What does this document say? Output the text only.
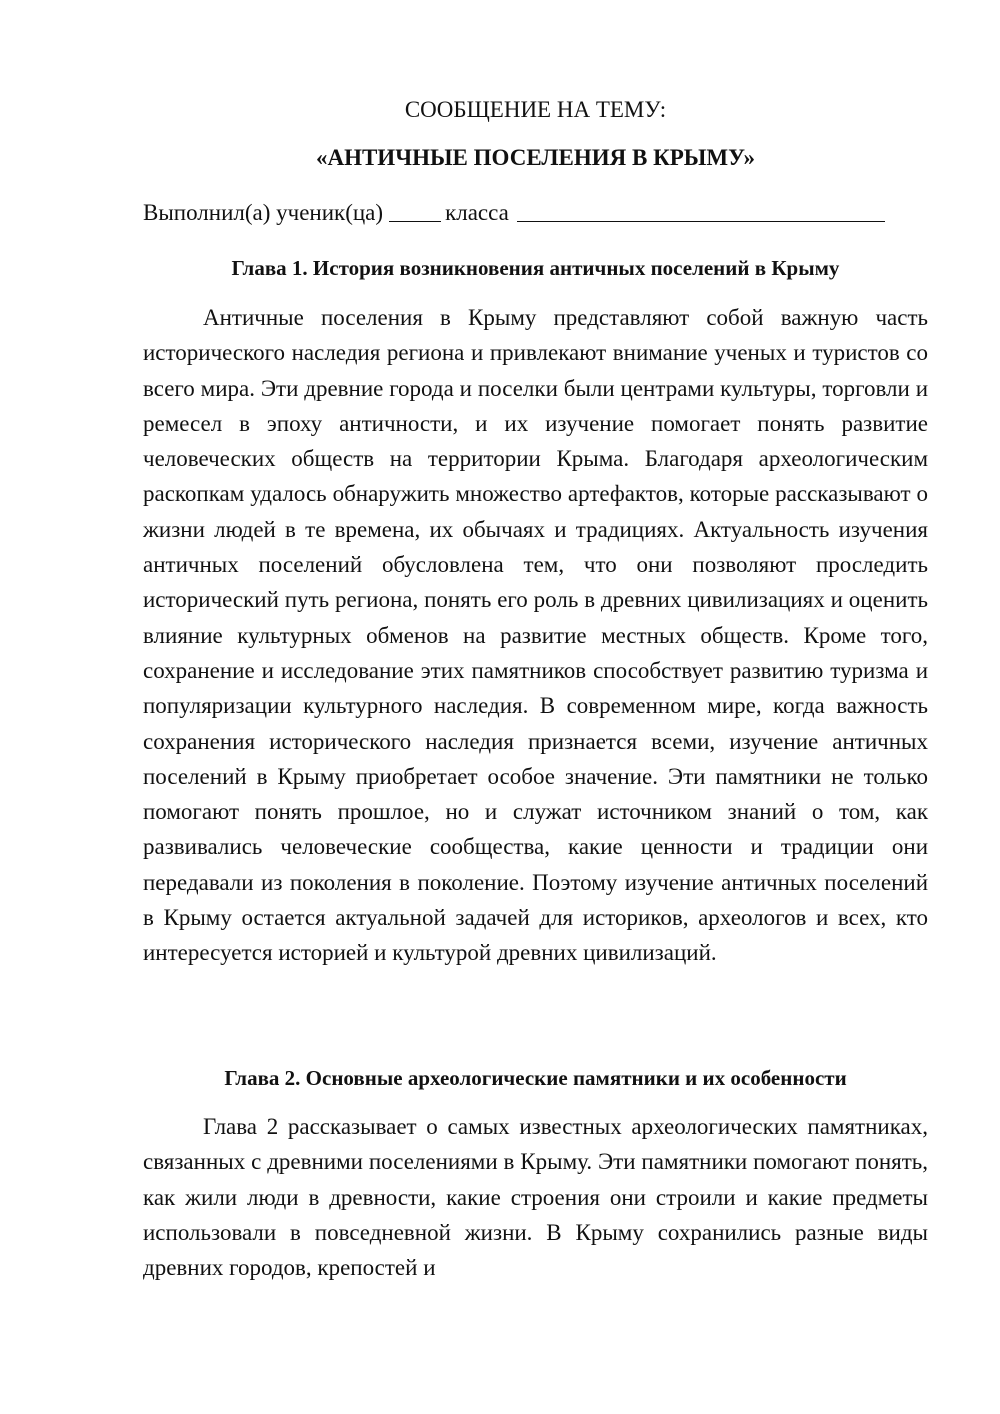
СООБЩЕНИЕ НА ТЕМУ:

«АНТИЧНЫЕ ПОСЕЛЕНИЯ В КРЫМУ»

Выполнил(а) ученик(ца)	класса
Глава 1. История возникновения античных поселений в Крыму

Античные поселения в Крыму представляют собой важную часть исторического наследия региона и привлекают внимание ученых и туристов со всего мира. Эти древние города и поселки были центрами культуры, торговли и ремесел в эпоху античности, и их изучение помогает понять развитие человеческих обществ на территории Крыма. Благодаря археологическим раскопкам удалось обнаружить множество артефактов, которые рассказывают о жизни людей в те времена, их обычаях и традициях. Актуальность изучения античных поселений обусловлена тем, что они позволяют проследить исторический путь региона, понять его роль в древних цивилизациях и оценить влияние культурных обменов на развитие местных обществ. Кроме того, сохранение и исследование этих памятников способствует развитию туризма и популяризации культурного наследия. В современном мире, когда важность сохранения исторического наследия признается всеми, изучение античных поселений в Крыму приобретает особое значение. Эти памятники не только помогают понять прошлое, но и служат источником знаний о том, как развивались человеческие сообщества, какие ценности и традиции они передавали из поколения в поколение. Поэтому изучение античных поселений в Крыму остается актуальной задачей для историков, археологов и всех, кто интересуется историей и культурой древних цивилизаций.

Глава 2. Основные археологические памятники и их особенности

Глава 2 рассказывает о самых известных археологических памятниках, связанных с древними поселениями в Крыму. Эти памятники помогают понять, как жили люди в древности, какие строения они строили и какие предметы использовали в повседневной жизни. В Крыму сохранились разные виды древних городов, крепостей и
